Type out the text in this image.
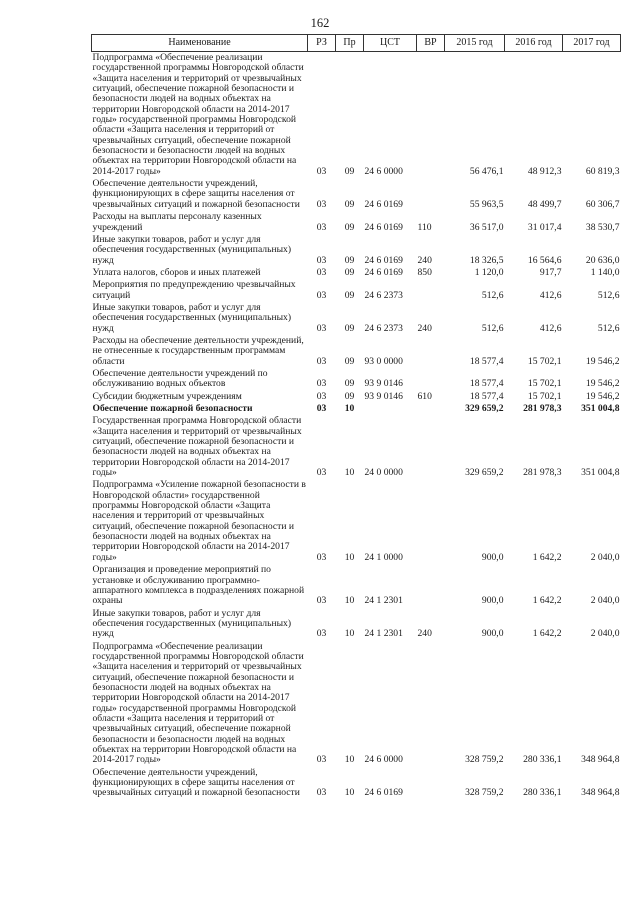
162
Наименование	РЗ	Пр	ЦСТ	ВР	2015 год	2016 год	2017 год
Подпрограмма «Обеспечение реализации государственной программы Новгородской области «Защита населения и территорий от чрезвычайных ситуаций, обеспечение пожарной безопасности и безопасности людей на водных объектах на территории Новгородской области на 2014-2017 годы» государственной программы Новгородской области «Защита населения и территорий от чрезвычайных ситуаций, обеспечение пожарной безопасности и безопасности людей на водных объектах на территории Новгородской области на 2014-2017 годы»	03	09	24 6 0000		56 476,1	48 912,3	60 819,3
Обеспечение деятельности учреждений, функционирующих в сфере защиты населения от чрезвычайных ситуаций и пожарной безопасности	03	09	24 6 0169		55 963,5	48 499,7	60 306,7
Расходы на выплаты персоналу казенных учреждений	03	09	24 6 0169	110	36 517,0	31 017,4	38 530,7
Иные закупки товаров, работ и услуг для обеспечения государственных (муниципальных) нужд	03	09	24 6 0169	240	18 326,5	16 564,6	20 636,0
Уплата налогов, сборов и иных платежей	03	09	24 6 0169	850	1 120,0	917,7	1 140,0
Мероприятия по предупреждению чрезвычайных ситуаций	03	09	24 6 2373		512,6	412,6	512,6
Иные закупки товаров, работ и услуг для обеспечения государственных (муниципальных) нужд	03	09	24 6 2373	240	512,6	412,6	512,6
Расходы на обеспечение деятельности учреждений, не отнесенные к государственным программам области	03	09	93 0 0000		18 577,4	15 702,1	19 546,2
Обеспечение деятельности учреждений по обслуживанию водных объектов	03	09	93 9 0146		18 577,4	15 702,1	19 546,2
Субсидии бюджетным учреждениям	03	09	93 9 0146	610	18 577,4	15 702,1	19 546,2
Обеспечение пожарной безопасности	03	10			329 659,2	281 978,3	351 004,8
Государственная программа Новгородской области «Защита населения и территорий от чрезвычайных ситуаций, обеспечение пожарной безопасности и безопасности людей на водных объектах на территории Новгородской области на 2014-2017 годы»	03	10	24 0 0000		329 659,2	281 978,3	351 004,8
Подпрограмма «Усиление пожарной безопасности в Новгородской области» государственной программы Новгородской области «Защита населения и территорий от чрезвычайных ситуаций, обеспечение пожарной безопасности и безопасности людей на водных объектах на территории Новгородской области на 2014-2017 годы»	03	10	24 1 0000		900,0	1 642,2	2 040,0
Организация и проведение мероприятий по установке и обслуживанию программно-аппаратного комплекса в подразделениях пожарной охраны	03	10	24 1 2301		900,0	1 642,2	2 040,0
Иные закупки товаров, работ и услуг для обеспечения государственных (муниципальных) нужд	03	10	24 1 2301	240	900,0	1 642,2	2 040,0
Подпрограмма «Обеспечение реализации государственной программы Новгородской области «Защита населения и территорий от чрезвычайных ситуаций, обеспечение пожарной безопасности и безопасности людей на водных объектах на территории Новгородской области на 2014-2017 годы» государственной программы Новгородской области «Защита населения и территорий от чрезвычайных ситуаций, обеспечение пожарной безопасности и безопасности людей на водных объектах на территории Новгородской области на 2014-2017 годы»	03	10	24 6 0000		328 759,2	280 336,1	348 964,8
Обеспечение деятельности учреждений, функционирующих в сфере защиты населения от чрезвычайных ситуаций и пожарной безопасности	03	10	24 6 0169		328 759,2	280 336,1	348 964,8
